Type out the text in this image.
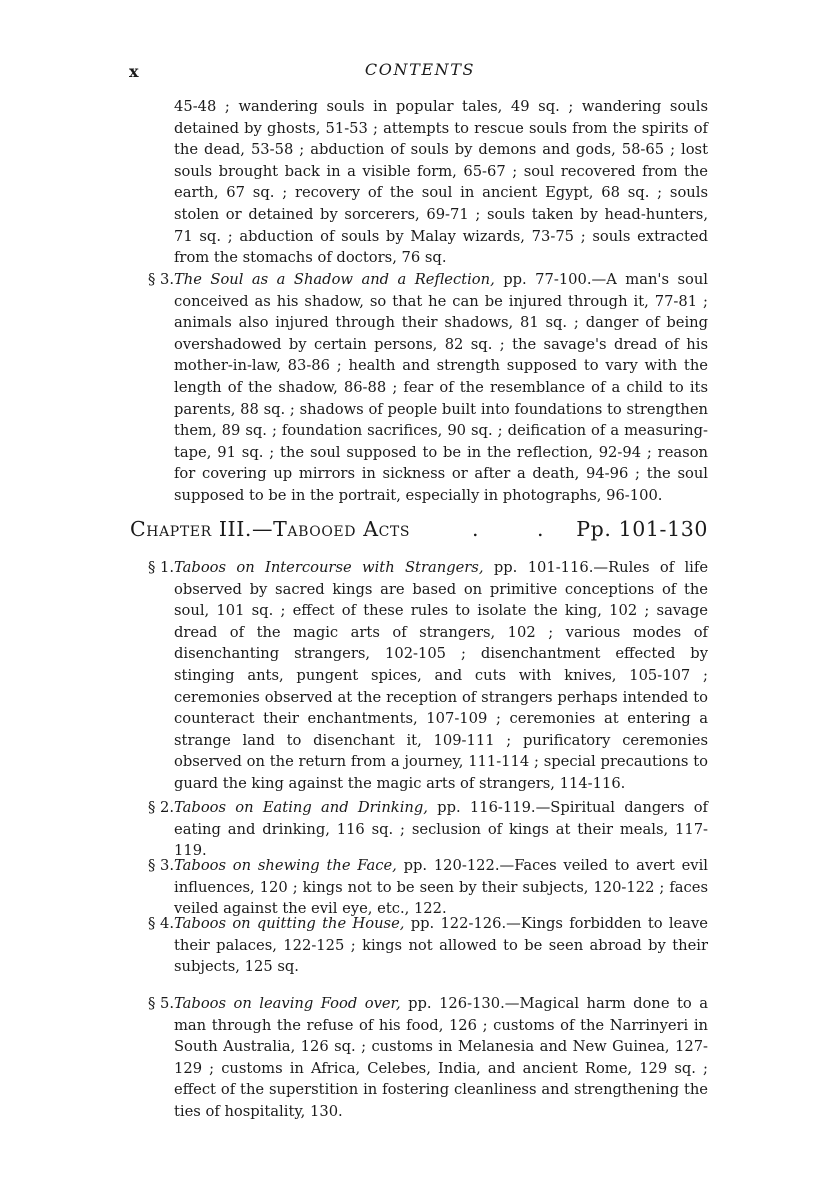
x	CONTENTS
45-48 ; wandering souls in popular tales, 49 sq. ; wandering souls detained by ghosts, 51-53 ; attempts to rescue souls from the spirits of the dead, 53-58 ; abduction of souls by demons and gods, 58-65 ; lost souls brought back in a visible form, 65-67 ; soul recovered from the earth, 67 sq. ; recovery of the soul in ancient Egypt, 68 sq. ; souls stolen or detained by sorcerers, 69-71 ; souls taken by head-hunters, 71 sq. ; abduction of souls by Malay wizards, 73-75 ; souls extracted from the stomachs of doctors, 76 sq.
§ 3. The Soul as a Shadow and a Reflection, pp. 77-100.—A man's soul conceived as his shadow, so that he can be injured through it, 77-81 ; animals also injured through their shadows, 81 sq. ; danger of being overshadowed by certain persons, 82 sq. ; the savage's dread of his mother-in-law, 83-86 ; health and strength supposed to vary with the length of the shadow, 86-88 ; fear of the resemblance of a child to its parents, 88 sq. ; shadows of people built into foundations to strengthen them, 89 sq. ; foundation sacrifices, 90 sq. ; deification of a measuring-tape, 91 sq. ; the soul supposed to be in the reflection, 92-94 ; reason for covering up mirrors in sickness or after a death, 94-96 ; the soul supposed to be in the portrait, especially in photographs, 96-100.
Chapter III.—Tabooed Acts	. . Pp. 101-130
§ 1. Taboos on Intercourse with Strangers, pp. 101-116.—Rules of life observed by sacred kings are based on primitive conceptions of the soul, 101 sq. ; effect of these rules to isolate the king, 102 ; savage dread of the magic arts of strangers, 102 ; various modes of disenchanting strangers, 102-105 ; disenchantment effected by stinging ants, pungent spices, and cuts with knives, 105-107 ; ceremonies observed at the reception of strangers perhaps intended to counteract their enchantments, 107-109 ; ceremonies at entering a strange land to disenchant it, 109-111 ; purificatory ceremonies observed on the return from a journey, 111-114 ; special precautions to guard the king against the magic arts of strangers, 114-116.
§ 2. Taboos on Eating and Drinking, pp. 116-119.—Spiritual dangers of eating and drinking, 116 sq. ; seclusion of kings at their meals, 117-119.
§ 3. Taboos on shewing the Face, pp. 120-122.—Faces veiled to avert evil influences, 120 ; kings not to be seen by their subjects, 120-122 ; faces veiled against the evil eye, etc., 122.
§ 4. Taboos on quitting the House, pp. 122-126.—Kings forbidden to leave their palaces, 122-125 ; kings not allowed to be seen abroad by their subjects, 125 sq.
§ 5. Taboos on leaving Food over, pp. 126-130.—Magical harm done to a man through the refuse of his food, 126 ; customs of the Narrinyeri in South Australia, 126 sq. ; customs in Melanesia and New Guinea, 127-129 ; customs in Africa, Celebes, India, and ancient Rome, 129 sq. ; effect of the superstition in fostering cleanliness and strengthening the ties of hospitality, 130.
